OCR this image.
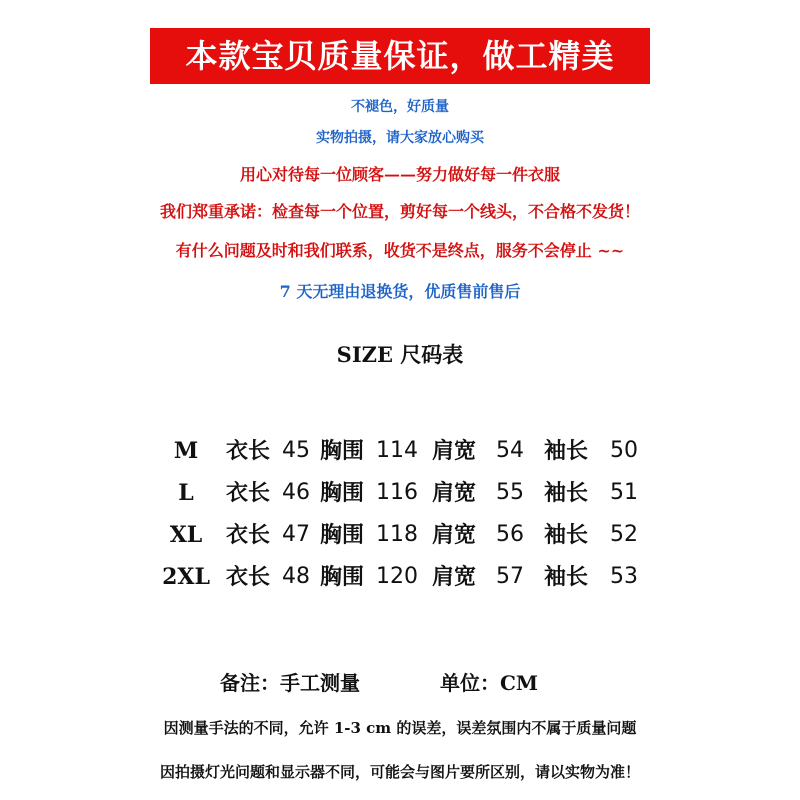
本款宝贝质量保证，做工精美
不褪色，好质量
实物拍摄，请大家放心购买
用心对待每一位顾客——努力做好每一件衣服
我们郑重承诺：检查每一个位置，剪好每一个线头，不合格不发货！
有什么问题及时和我们联系，收货不是终点，服务不会停止 ~~
7 天无理由退换货，优质售前售后
SIZE 尺码表
M	衣长 45 胸围 114 肩宽 54 袖长 50
L	衣长 46 胸围 116 肩宽 55 袖长 51
XL	衣长 47 胸围 118 肩宽 56 袖长 52
2XL 衣长 48 胸围 120 肩宽 57 袖长 53
备注：手工测量	单位：CM
因测量手法的不同，允许 1-3 cm 的误差，误差氛围内不属于质量问题
因拍摄灯光问题和显示器不同，可能会与图片要所区别，请以实物为准！
